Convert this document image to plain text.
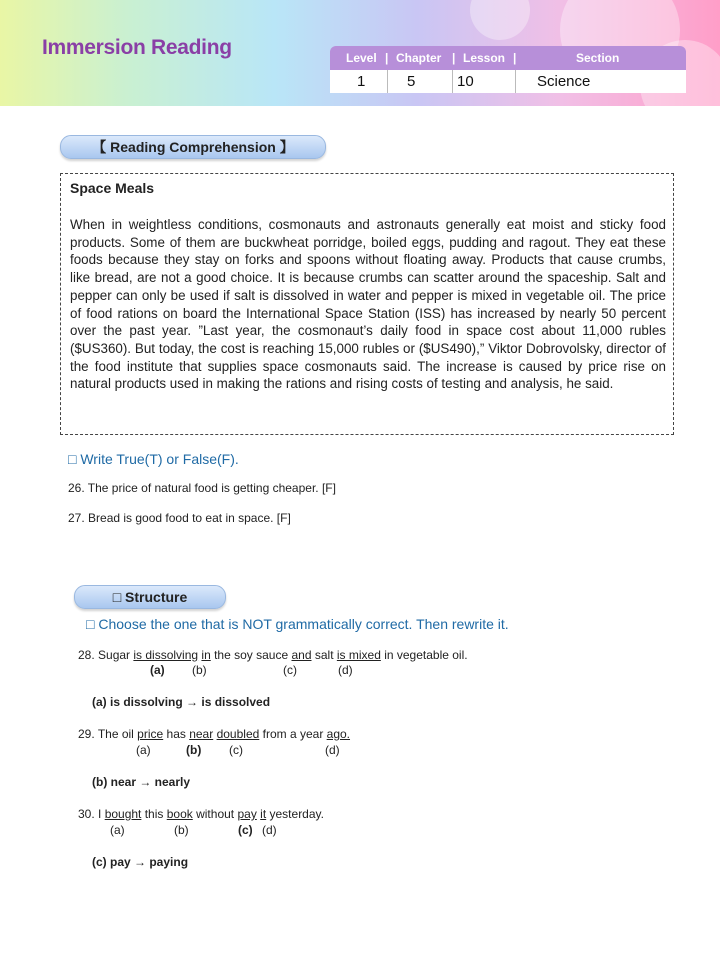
Immersion Reading	Level | Chapter | Lesson |	Section
1	5	10	Science
【 Reading Comprehension 】
Space Meals

When in weightless conditions, cosmonauts and astronauts generally eat moist and sticky food products. Some of them are buckwheat porridge, boiled eggs, pudding and ragout. They eat these foods because they stay on forks and spoons without floating away. Products that cause crumbs, like bread, are not a good choice. It is because crumbs can scatter around the spaceship. Salt and pepper can only be used if salt is dissolved in water and pepper is mixed in vegetable oil. The price of food rations on board the International Space Station (ISS) has increased by nearly 50 percent over the past year. ”Last year, the cosmonaut’s daily food in space cost about 11,000 rubles ($US360). But today, the cost is reaching 15,000 rubles or ($US490),” Viktor Dobrovolsky, director of the food institute that supplies space cosmonauts said. The increase is caused by price rise on natural products used in making the rations and rising costs of testing and analysis, he said.

□ Write True(T) or False(F).
26. The price of natural food is getting cheaper. [F]
27. Bread is good food to eat in space. [F]
□ Structure
□ Choose the one that is NOT grammatically correct. Then rewrite it.
28. Sugar is dissolving in the soy sauce and salt is mixed in vegetable oil.
(a) (b)	(c)	(d)
(a) is dissolving → is dissolved
29. The oil price has near doubled from a year ago.
(a)	(b) (c)	(d)
(b) near → nearly
30. I bought this book without pay it yesterday.
(a)	(b)	(c) (d)
(c) pay → paying
